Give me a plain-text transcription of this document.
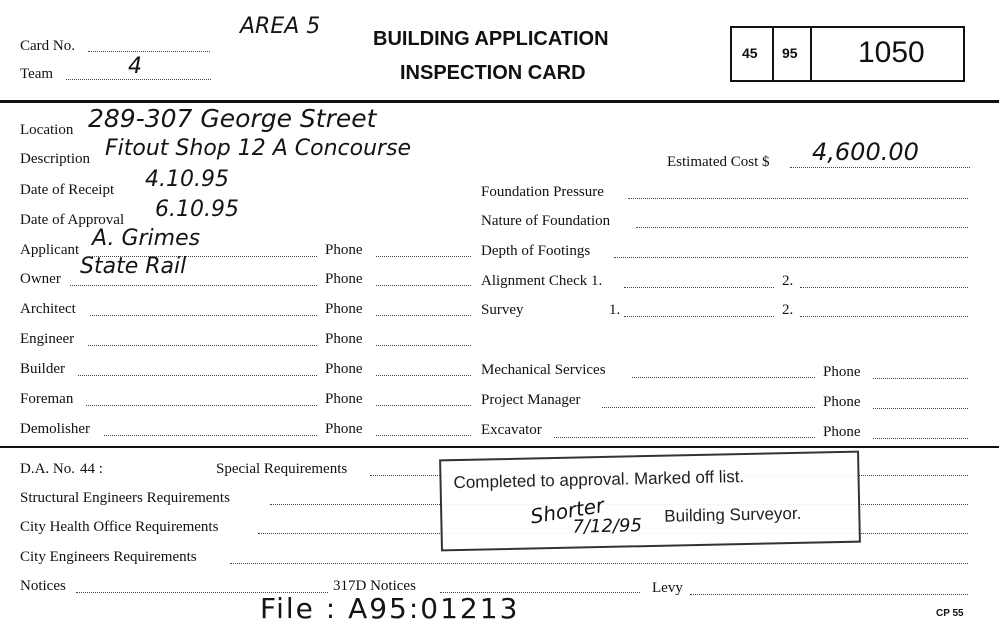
Card No.
Team	4
AREA 5	BUILDING APPLICATION
INSPECTION CARD
45 95 1050
Location 289-307 George Street
Description Fitout Shop 12 A Concourse
Estimated Cost $ 4,600.00
Date of Receipt 4.10.95
Date of Approval 6.10.95
Applicant A. Grimes	Phone
Owner State Rail	Phone
Architect	Phone
Engineer	Phone
Builder	Phone
Foreman	Phone
Demolisher	Phone
Foundation Pressure
Nature of Foundation
Depth of Footings
Alignment Check 1.	2.
Survey	1.	2.
Mechanical Services	Phone
Project Manager	Phone
Excavator	Phone
D.A. No. 44 :	Special Requirements
Structural Engineers Requirements
City Health Office Requirements
City Engineers Requirements
Notices	317D Notices	Levy
Completed to approval. Marked off list.
Shorter
7/12/95
Building Surveyor.
File : A95:01213	CP 55
